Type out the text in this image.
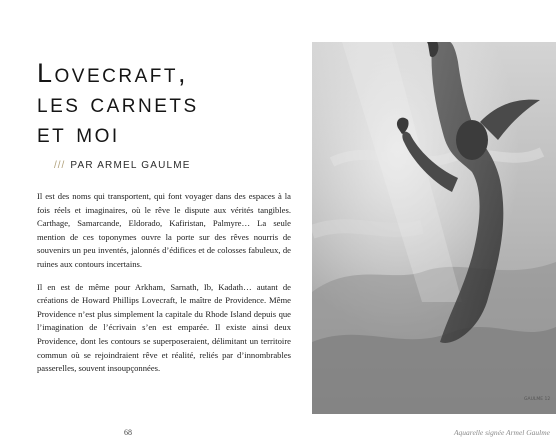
Lovecraft,
les carnets
et moi
/// PAR ARMEL GAULME

Il est des noms qui transportent, qui font voyager dans des espaces à la fois réels et imaginaires, où le rêve le dispute aux vérités tangibles. Carthage, Samarcande, Eldorado, Kafiristan, Palmyre… La seule mention de ces toponymes ouvre la porte sur des rêves nourris de souvenirs un peu inventés, jalonnés d’édifices et de colosses fabuleux, de ruines aux contours incertains.

Il en est de même pour Arkham, Sarnath, Ib, Kadath… autant de créations de Howard Phillips Lovecraft, le maître de Providence. Même Providence n’est plus simplement la capitale du Rhode Island depuis que l’imagination de l’écrivain s’en est emparée. Il existe ainsi deux Providence, dont les contours se superposeraient, délimitant un territoire commun où se rejoindraient rêve et réalité, reliés par d’innombrables passerelles, souvent insoupçonnées.

68
GAULME 12
Aquarelle signée Armel Gaulme
